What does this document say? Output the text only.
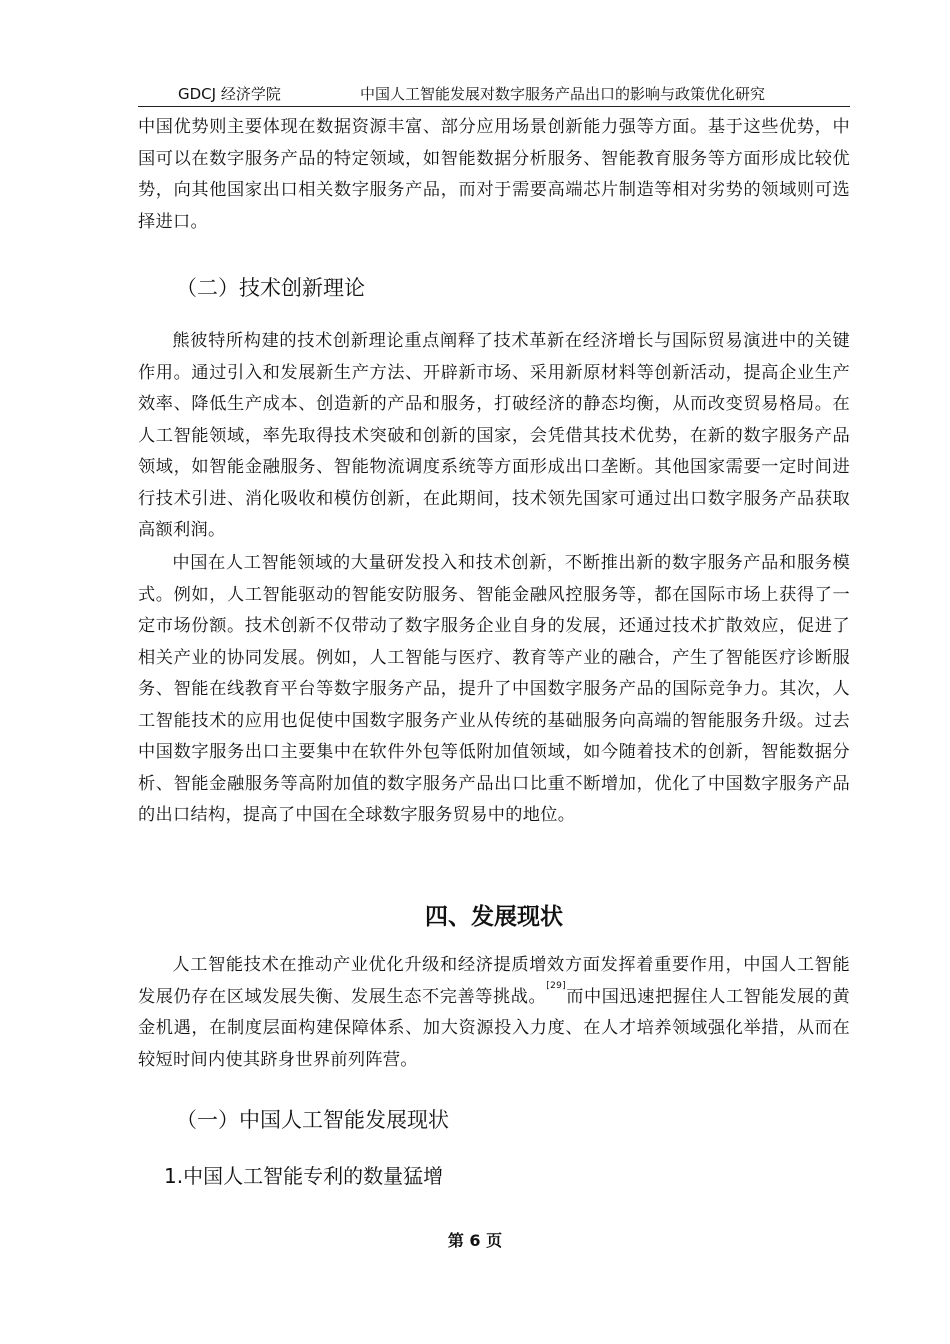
GDCJ 经济学院	中国人工智能发展对数字服务产品出口的影响与政策优化研究

中国优势则主要体现在数据资源丰富、部分应用场景创新能力强等方面。基于这些优势，中国可以在数字服务产品的特定领域，如智能数据分析服务、智能教育服务等方面形成比较优势，向其他国家出口相关数字服务产品，而对于需要高端芯片制造等相对劣势的领域则可选择进口。

（二）技术创新理论

熊彼特所构建的技术创新理论重点阐释了技术革新在经济增长与国际贸易演进中的关键作用。通过引入和发展新生产方法、开辟新市场、采用新原材料等创新活动，提高企业生产效率、降低生产成本、创造新的产品和服务，打破经济的静态均衡，从而改变贸易格局。在人工智能领域，率先取得技术突破和创新的国家，会凭借其技术优势，在新的数字服务产品领域，如智能金融服务、智能物流调度系统等方面形成出口垄断。其他国家需要一定时间进行技术引进、消化吸收和模仿创新，在此期间，技术领先国家可通过出口数字服务产品获取高额利润。

中国在人工智能领域的大量研发投入和技术创新，不断推出新的数字服务产品和服务模式。例如，人工智能驱动的智能安防服务、智能金融风控服务等，都在国际市场上获得了一定市场份额。技术创新不仅带动了数字服务企业自身的发展，还通过技术扩散效应，促进了相关产业的协同发展。例如，人工智能与医疗、教育等产业的融合，产生了智能医疗诊断服务、智能在线教育平台等数字服务产品，提升了中国数字服务产品的国际竞争力。其次，人工智能技术的应用也促使中国数字服务产业从传统的基础服务向高端的智能服务升级。过去中国数字服务出口主要集中在软件外包等低附加值领域，如今随着技术的创新，智能数据分析、智能金融服务等高附加值的数字服务产品出口比重不断增加，优化了中国数字服务产品的出口结构，提高了中国在全球数字服务贸易中的地位。

四、发展现状

人工智能技术在推动产业优化升级和经济提质增效方面发挥着重要作用，中国人工智能发展仍存在区域发展失衡、发展生态不完善等挑战。[29]而中国迅速把握住人工智能发展的黄金机遇，在制度层面构建保障体系、加大资源投入力度、在人才培养领域强化举措，从而在较短时间内使其跻身世界前列阵营。

（一）中国人工智能发展现状
1.中国人工智能专利的数量猛增
第 6 页
